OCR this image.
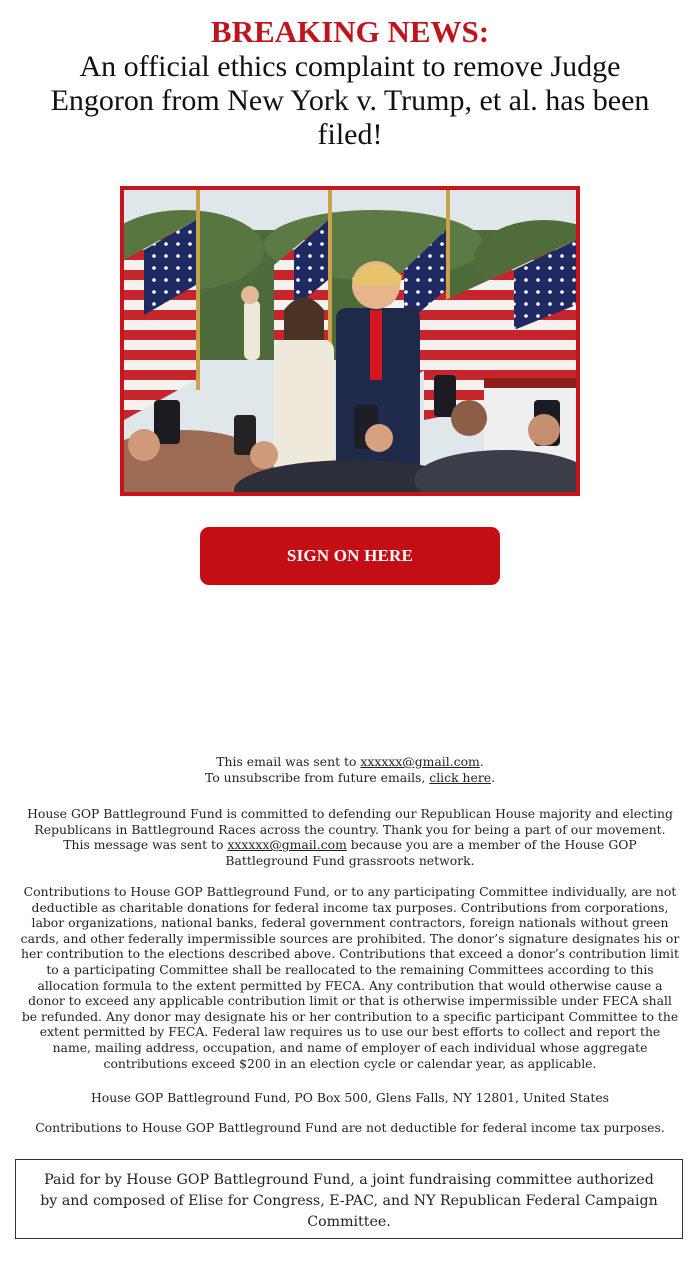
BREAKING NEWS:
An official ethics complaint to remove Judge Engoron from New York v. Trump, et al. has been filed!
SIGN ON HERE
This email was sent to xxxxxx@gmail.com.
To unsubscribe from future emails, click here.
House GOP Battleground Fund is committed to defending our Republican House majority and electing Republicans in Battleground Races across the country. Thank you for being a part of our movement. This message was sent to xxxxxx@gmail.com because you are a member of the House GOP Battleground Fund grassroots network.
Contributions to House GOP Battleground Fund, or to any participating Committee individually, are not deductible as charitable donations for federal income tax purposes. Contributions from corporations, labor organizations, national banks, federal government contractors, foreign nationals without green cards, and other federally impermissible sources are prohibited. The donor’s signature designates his or her contribution to the elections described above. Contributions that exceed a donor’s contribution limit to a participating Committee shall be reallocated to the remaining Committees according to this allocation formula to the extent permitted by FECA. Any contribution that would otherwise cause a donor to exceed any applicable contribution limit or that is otherwise impermissible under FECA shall be refunded. Any donor may designate his or her contribution to a specific participant Committee to the extent permitted by FECA. Federal law requires us to use our best efforts to collect and report the name, mailing address, occupation, and name of employer of each individual whose aggregate contributions exceed $200 in an election cycle or calendar year, as applicable.
House GOP Battleground Fund, PO Box 500, Glens Falls, NY 12801, United States
Contributions to House GOP Battleground Fund are not deductible for federal income tax purposes.
Paid for by House GOP Battleground Fund, a joint fundraising committee authorized by and composed of Elise for Congress, E-PAC, and NY Republican Federal Campaign Committee.
